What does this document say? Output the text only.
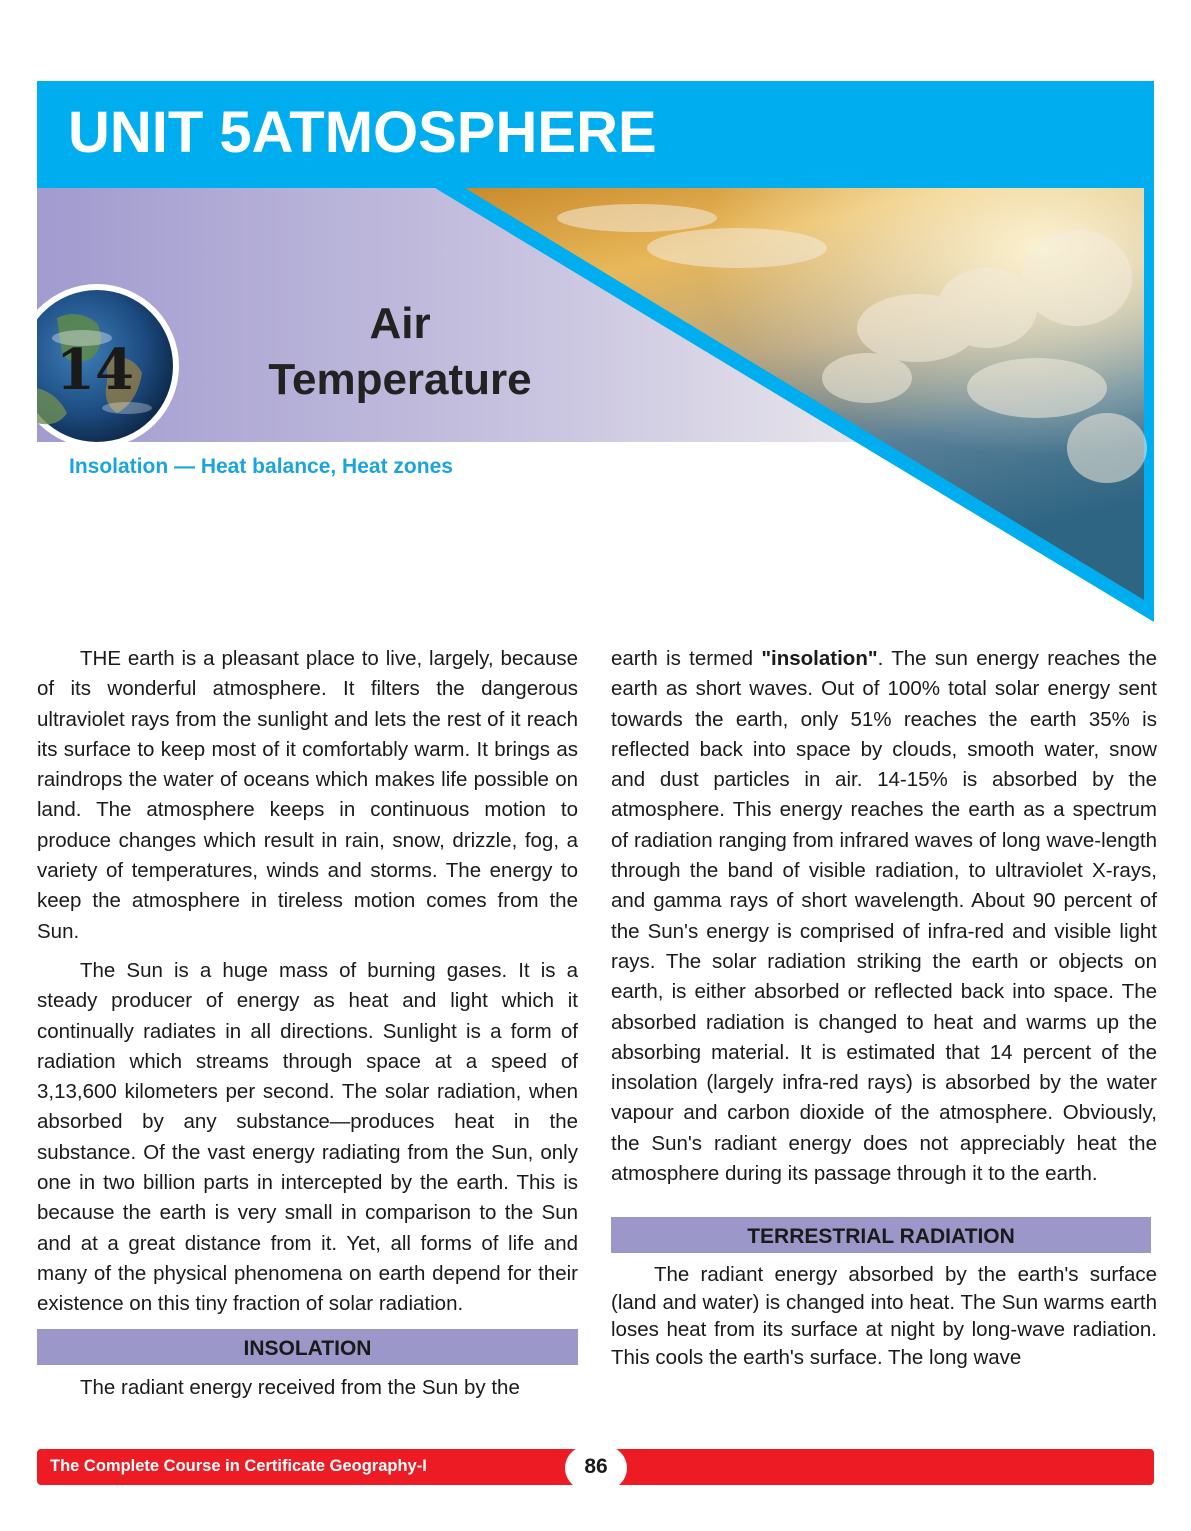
UNIT 5ATMOSPHERE
14
Air
Temperature

Insolation — Heat balance, Heat zones

THE earth is a pleasant place to live, largely, because of its wonderful atmosphere. It filters the dangerous ultraviolet rays from the sunlight and lets the rest of it reach its surface to keep most of it comfortably warm. It brings as raindrops the water of oceans which makes life possible on land. The atmosphere keeps in continuous motion to produce changes which result in rain, snow, drizzle, fog, a variety of temperatures, winds and storms. The energy to keep the atmosphere in tireless motion comes from the Sun.

The Sun is a huge mass of burning gases. It is a steady producer of energy as heat and light which it continually radiates in all directions. Sunlight is a form of radiation which streams through space at a speed of 3,13,600 kilometers per second. The solar radiation, when absorbed by any substance—produces heat in the substance. Of the vast energy radiating from the Sun, only one in two billion parts in intercepted by the earth. This is because the earth is very small in comparison to the Sun and at a great distance from it. Yet, all forms of life and many of the physical phenomena on earth depend for their existence on this tiny fraction of solar radiation.

INSOLATION

The radiant energy received from the Sun by the

earth is termed "insolation". The sun energy reaches the earth as short waves. Out of 100% total solar energy sent towards the earth, only 51% reaches the earth 35% is reflected back into space by clouds, smooth water, snow and dust particles in air. 14-15% is absorbed by the atmosphere. This energy reaches the earth as a spectrum of radiation ranging from infrared waves of long wave-length through the band of visible radiation, to ultraviolet X-rays, and gamma rays of short wavelength. About 90 percent of the Sun's energy is comprised of infra-red and visible light rays. The solar radiation striking the earth or objects on earth, is either absorbed or reflected back into space. The absorbed radiation is changed to heat and warms up the absorbing material. It is estimated that 14 percent of the insolation (largely infra-red rays) is absorbed by the water vapour and carbon dioxide of the atmosphere. Obviously, the Sun's radiant energy does not appreciably heat the atmosphere during its passage through it to the earth.

TERRESTRIAL RADIATION

The radiant energy absorbed by the earth's surface (land and water) is changed into heat. The Sun warms earth loses heat from its surface at night by long-wave radiation. This cools the earth's surface. The long wave

The Complete Course in Certificate Geography-I	86
